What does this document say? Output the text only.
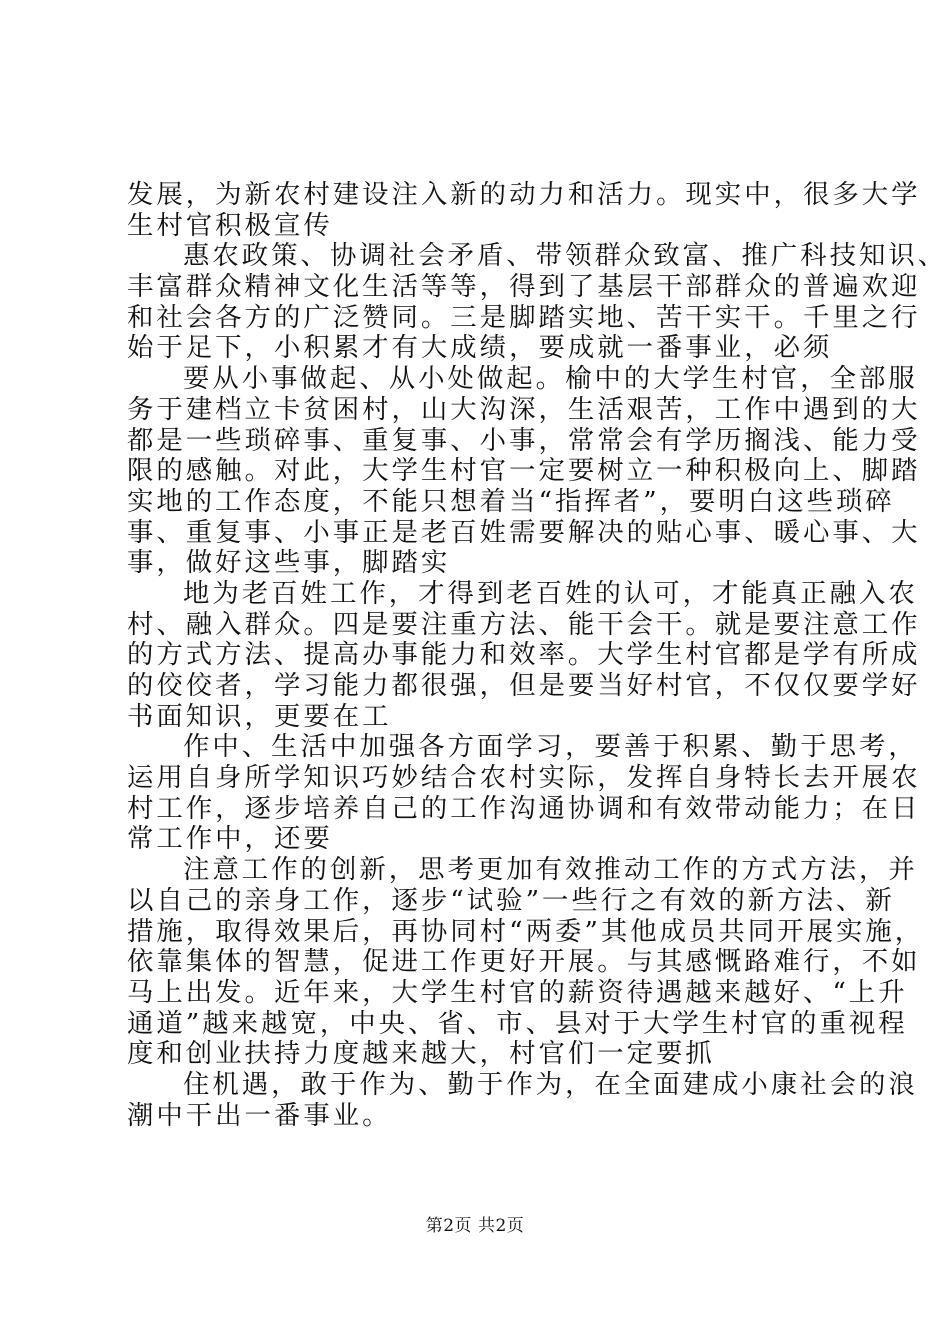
发展，为新农村建设注入新的动力和活力。现实中，很多大学
生村官积极宣传
惠农政策、协调社会矛盾、带领群众致富、推广科技知识、
丰富群众精神文化生活等等，得到了基层干部群众的普遍欢迎
和社会各方的广泛赞同。三是脚踏实地、苦干实干。千里之行
始于足下，小积累才有大成绩，要成就一番事业，必须
要从小事做起、从小处做起。榆中的大学生村官，全部服
务于建档立卡贫困村，山大沟深，生活艰苦，工作中遇到的大
都是一些琐碎事、重复事、小事，常常会有学历搁浅、能力受
限的感触。对此，大学生村官一定要树立一种积极向上、脚踏
实地的工作态度，不能只想着当“指挥者”，要明白这些琐碎
事、重复事、小事正是老百姓需要解决的贴心事、暖心事、大
事，做好这些事，脚踏实
地为老百姓工作，才得到老百姓的认可，才能真正融入农
村、融入群众。四是要注重方法、能干会干。就是要注意工作
的方式方法、提高办事能力和效率。大学生村官都是学有所成
的佼佼者，学习能力都很强，但是要当好村官，不仅仅要学好
书面知识，更要在工
作中、生活中加强各方面学习，要善于积累、勤于思考，
运用自身所学知识巧妙结合农村实际，发挥自身特长去开展农
村工作，逐步培养自己的工作沟通协调和有效带动能力；在日
常工作中，还要
注意工作的创新，思考更加有效推动工作的方式方法，并
以自己的亲身工作，逐步“试验”一些行之有效的新方法、新
措施，取得效果后，再协同村“两委”其他成员共同开展实施，
依靠集体的智慧，促进工作更好开展。与其感慨路难行，不如
马上出发。近年来，大学生村官的薪资待遇越来越好、“上升
通道”越来越宽，中央、省、市、县对于大学生村官的重视程
度和创业扶持力度越来越大，村官们一定要抓
住机遇，敢于作为、勤于作为，在全面建成小康社会的浪
潮中干出一番事业。
第2页 共2页
